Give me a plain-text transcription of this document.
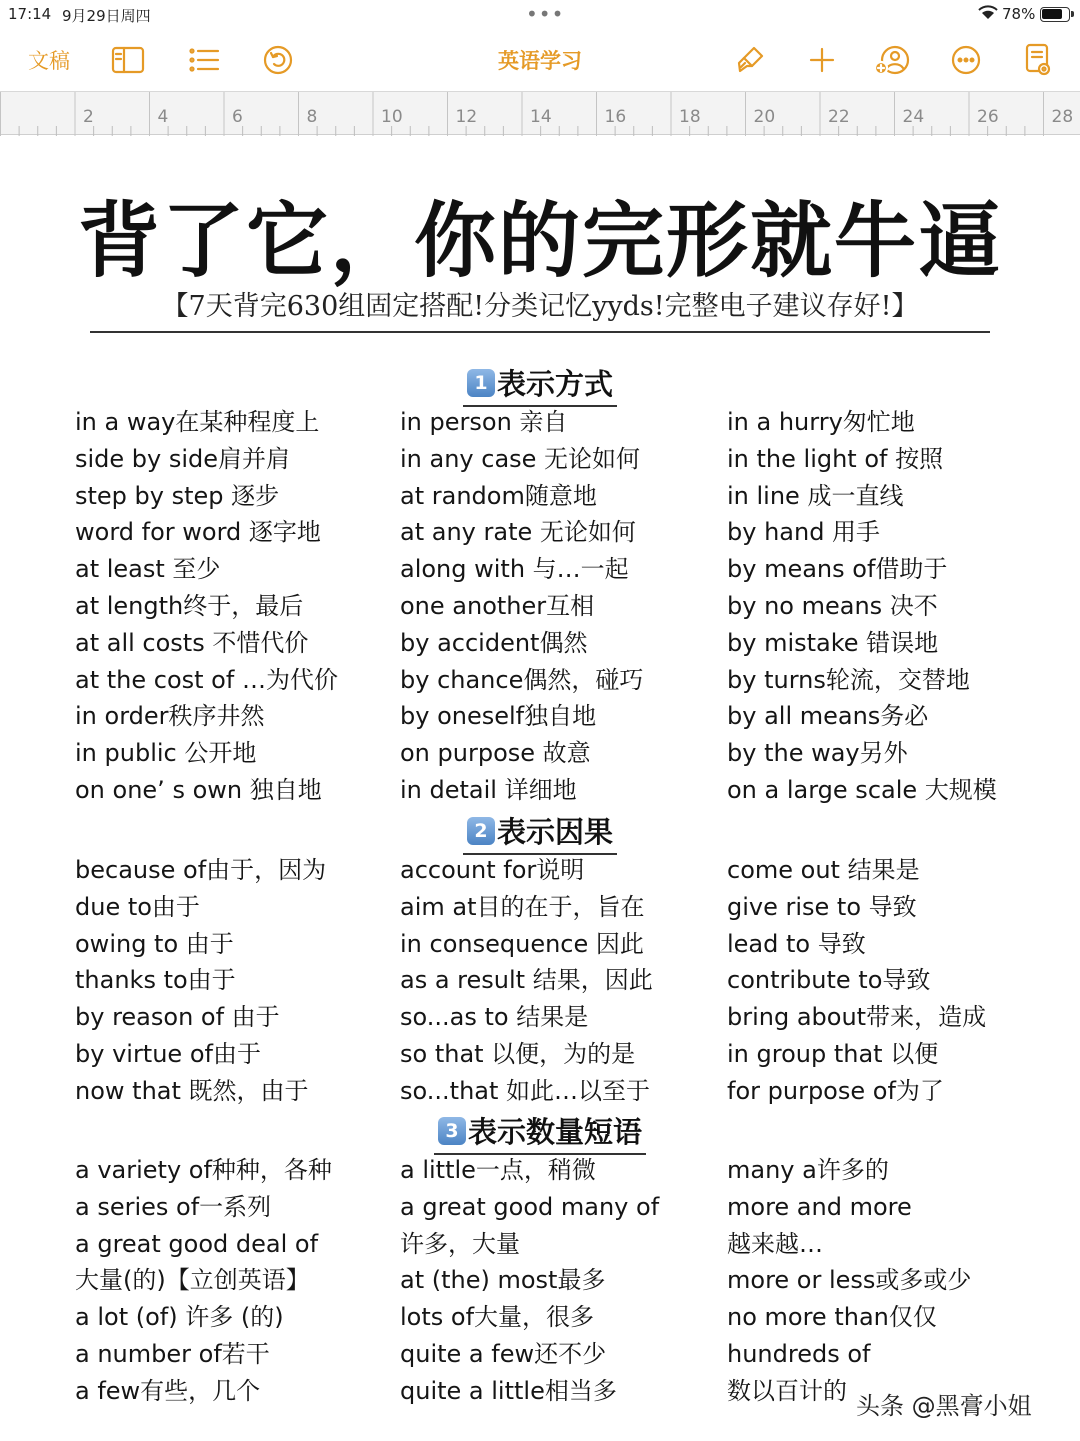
17:14 9月29日周四	•••	78%
文稿	英语学习
2	4	6	8	10	12	14	16	18	20	22	24	26	28
背了它，你的完形就牛逼
【7天背完630组固定搭配!分类记忆yyds!完整电子建议存好!】
1 表示方式
in a way在某种程度上
side by side肩并肩
step by step 逐步
word for word 逐字地
at least 至少
at length终于，最后
at all costs 不惜代价
at the cost of …为代价
in order秩序井然
in public 公开地
on one’ s own 独自地
in person 亲自
in any case 无论如何
at random随意地
at any rate 无论如何
along with 与…一起
one another互相
by accident偶然
by chance偶然，碰巧
by oneself独自地
on purpose 故意
in detail 详细地
in a hurry匆忙地
in the light of 按照
in line 成一直线
by hand 用手
by means of借助于
by no means 决不
by mistake 错误地
by turns轮流，交替地
by all means务必
by the way另外
on a large scale 大规模
2 表示因果
because of由于，因为
due to由于
owing to 由于
thanks to由于
by reason of 由于
by virtue of由于
now that 既然，由于
account for说明
aim at目的在于，旨在
in consequence 因此
as a result 结果，因此
so...as to 结果是
so that 以便，为的是
so...that 如此…以至于
come out 结果是
give rise to 导致
lead to 导致
contribute to导致
bring about带来，造成
in group that 以便
for purpose of为了
3 表示数量短语
a variety of种种，各种
a series of一系列
a great good deal of
大量(的)【立创英语】
a lot (of) 许多 (的)
a number of若干
a few有些，几个
a little一点，稍微
a great good many of
许多，大量
at (the) most最多
lots of大量，很多
quite a few还不少
quite a little相当多
many a许多的
more and more
越来越…
more or less或多或少
no more than仅仅
hundreds of
数以百计的
头条 @黑膏小姐
